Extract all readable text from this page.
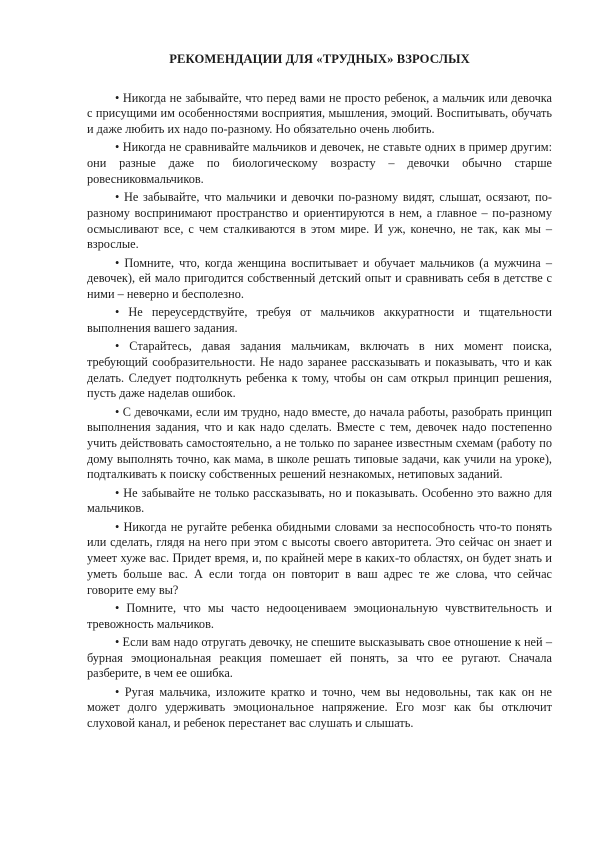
РЕКОМЕНДАЦИИ ДЛЯ «ТРУДНЫХ» ВЗРОСЛЫХ

• Никогда не забывайте, что перед вами не просто ребенок, а мальчик или девочка с присущими им особенностями восприятия, мышления, эмоций. Воспитывать, обучать и даже любить их надо по-разному. Но обязательно очень любить.

• Никогда не сравнивайте мальчиков и девочек, не ставьте одних в пример другим: они разные даже по биологическому возрасту – девочки обычно старше ровесниковмальчиков.

• Не забывайте, что мальчики и девочки по-разному видят, слышат, осязают, по-разному воспринимают пространство и ориентируются в нем, а главное – по-разному осмысливают все, с чем сталкиваются в этом мире. И уж, конечно, не так, как мы – взрослые.

• Помните, что, когда женщина воспитывает и обучает мальчиков (а мужчина – девочек), ей мало пригодится собственный детский опыт и сравнивать себя в детстве с ними – неверно и бесполезно.

• Не переусердствуйте, требуя от мальчиков аккуратности и тщательности выполнения вашего задания.

• Старайтесь, давая задания мальчикам, включать в них момент поиска, требующий сообразительности. Не надо заранее рассказывать и показывать, что и как делать. Следует подтолкнуть ребенка к тому, чтобы он сам открыл принцип решения, пусть даже наделав ошибок.

• С девочками, если им трудно, надо вместе, до начала работы, разобрать принцип выполнения задания, что и как надо сделать. Вместе с тем, девочек надо постепенно учить действовать самостоятельно, а не только по заранее известным схемам (работу по дому выполнять точно, как мама, в школе решать типовые задачи, как учили на уроке), подталкивать к поиску собственных решений незнакомых, нетиповых заданий.

• Не забывайте не только рассказывать, но и показывать. Особенно это важно для мальчиков.

• Никогда не ругайте ребенка обидными словами за неспособность что-то понять или сделать, глядя на него при этом с высоты своего авторитета. Это сейчас он знает и умеет хуже вас. Придет время, и, по крайней мере в каких-то областях, он будет знать и уметь больше вас. А если тогда он повторит в ваш адрес те же слова, что сейчас говорите ему вы?

• Помните, что мы часто недооцениваем эмоциональную чувствительность и тревожность мальчиков.

• Если вам надо отругать девочку, не спешите высказывать свое отношение к ней – бурная эмоциональная реакция помешает ей понять, за что ее ругают. Сначала разберите, в чем ее ошибка.

• Ругая мальчика, изложите кратко и точно, чем вы недовольны, так как он не может долго удерживать эмоциональное напряжение. Его мозг как бы отключит слуховой канал, и ребенок перестанет вас слушать и слышать.
